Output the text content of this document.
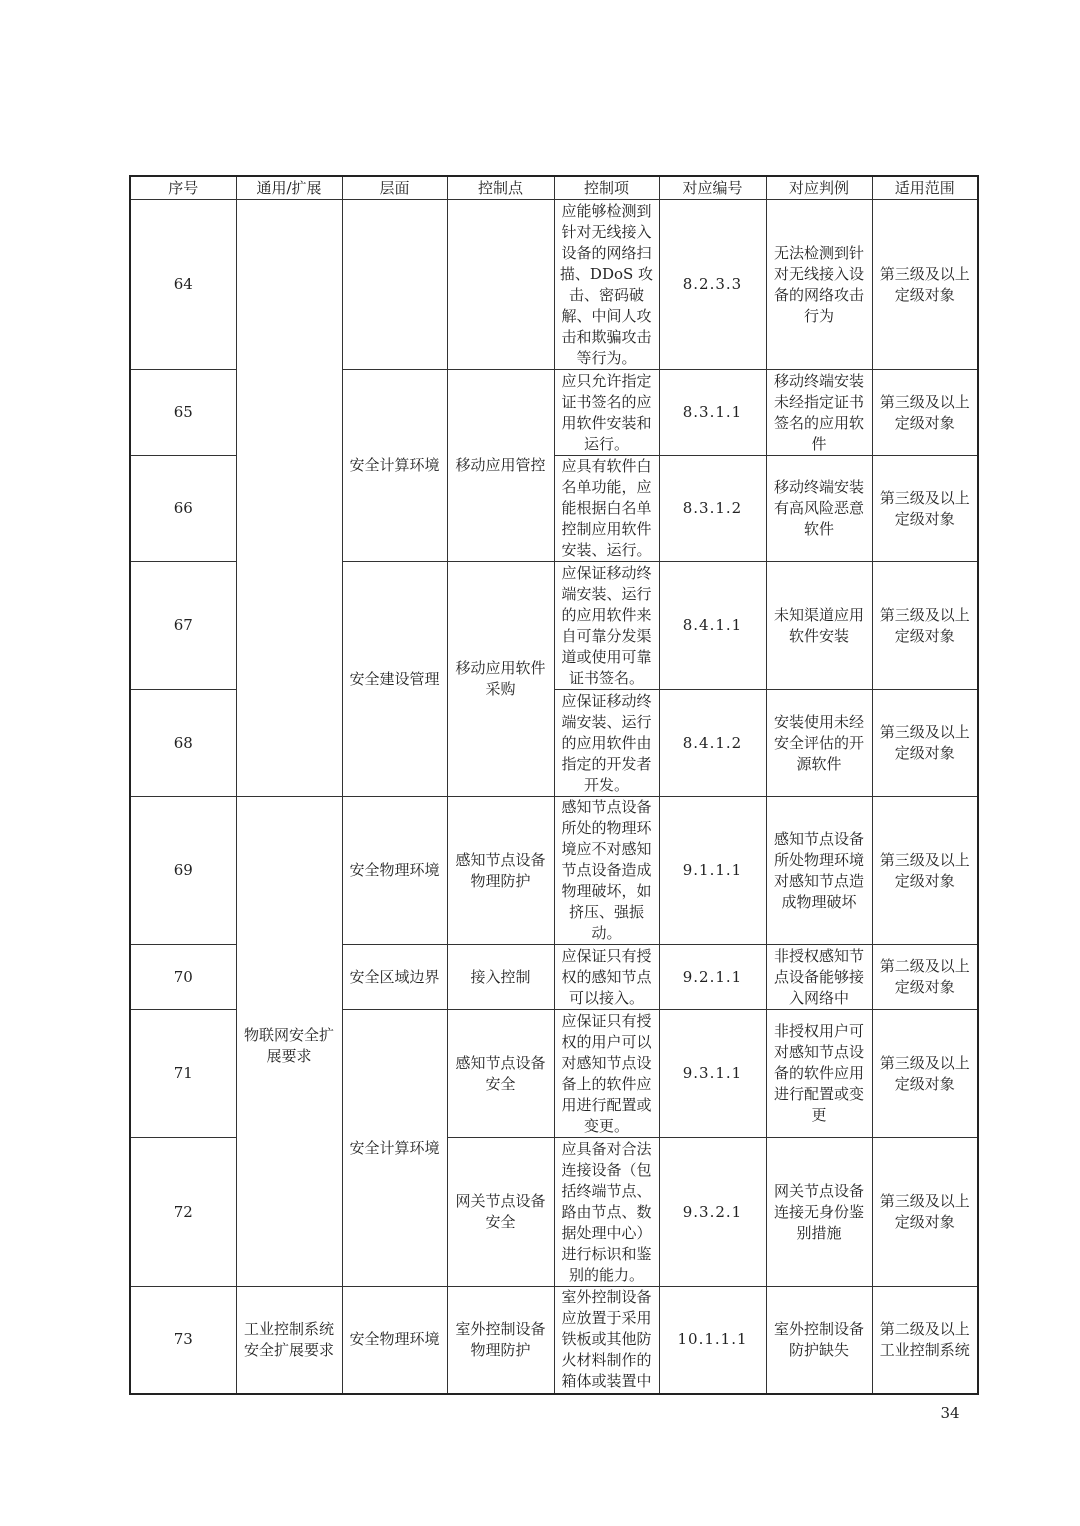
序号	通用/扩展	层面	控制点	控制项	对应编号	对应判例	适用范围
64				应能够检测到针对无线接入设备的网络扫描、DDoS 攻击、密码破解、中间人攻击和欺骗攻击等行为。	8.2.3.3	无法检测到针对无线接入设备的网络攻击行为	第三级及以上定级对象
65		安全计算环境	移动应用管控	应只允许指定证书签名的应用软件安装和运行。	8.3.1.1	移动终端安装未经指定证书签名的应用软件	第三级及以上定级对象
66				应具有软件白名单功能，应能根据白名单控制应用软件安装、运行。	8.3.1.2	移动终端安装有高风险恶意软件	第三级及以上定级对象
67		安全建设管理	移动应用软件采购	应保证移动终端安装、运行的应用软件来自可靠分发渠道或使用可靠证书签名。	8.4.1.1	未知渠道应用软件安装	第三级及以上定级对象
68				应保证移动终端安装、运行的应用软件由指定的开发者开发。	8.4.1.2	安装使用未经安全评估的开源软件	第三级及以上定级对象
69	物联网安全扩展要求	安全物理环境	感知节点设备物理防护	感知节点设备所处的物理环境应不对感知节点设备造成物理破坏，如挤压、强振动。	9.1.1.1	感知节点设备所处物理环境对感知节点造成物理破坏	第三级及以上定级对象
70		安全区域边界	接入控制	应保证只有授权的感知节点可以接入。	9.2.1.1	非授权感知节点设备能够接入网络中	第二级及以上定级对象
71		安全计算环境	感知节点设备安全	应保证只有授权的用户可以对感知节点设备上的软件应用进行配置或变更。	9.3.1.1	非授权用户可对感知节点设备的软件应用进行配置或变更	第三级及以上定级对象
72			网关节点设备安全	应具备对合法连接设备（包括终端节点、路由节点、数据处理中心）进行标识和鉴别的能力。	9.3.2.1	网关节点设备连接无身份鉴别措施	第三级及以上定级对象
73	工业控制系统安全扩展要求	安全物理环境	室外控制设备物理防护	室外控制设备应放置于采用铁板或其他防火材料制作的箱体或装置中	10.1.1.1	室外控制设备防护缺失	第二级及以上工业控制系统
34
